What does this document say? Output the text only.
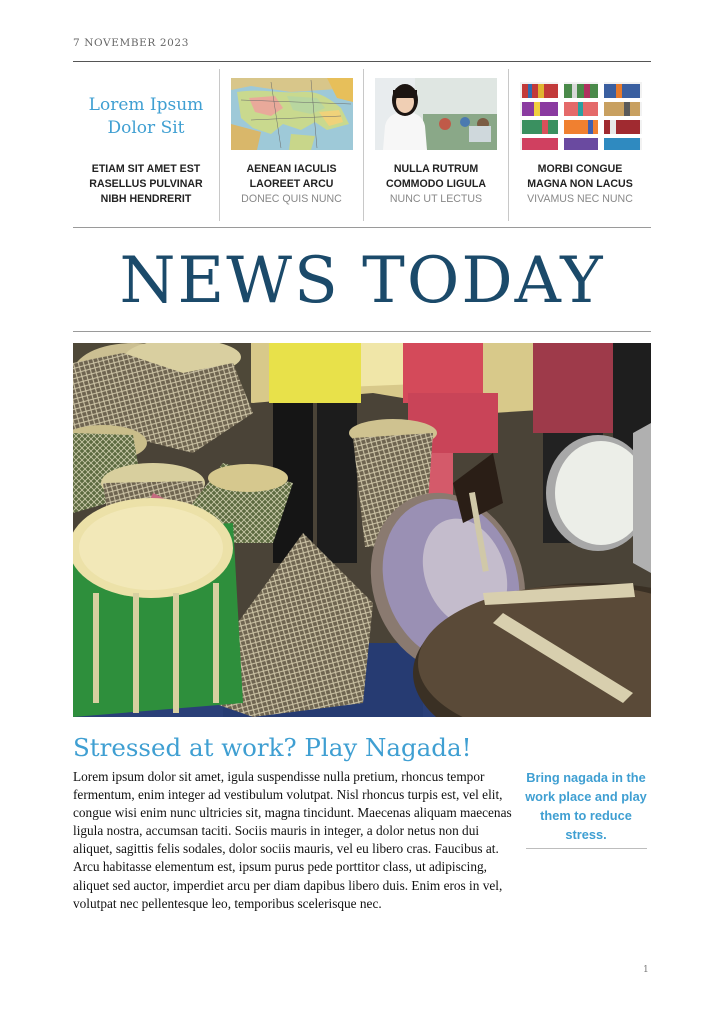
7 NOVEMBER 2023
Lorem Ipsum
Dolor Sit
ETIAM SIT AMET EST
RASELLUS PULVINAR
NIBH HENDRERIT
AENEAN IACULIS
LAOREET ARCU
DONEC QUIS NUNC
NULLA RUTRUM
COMMODO LIGULA
NUNC UT LECTUS
MORBI CONGUE
MAGNA NON LACUS
VIVAMUS NEC NUNC
NEWS TODAY
Stressed at work? Play Nagada!
Lorem ipsum dolor sit amet, igula suspendisse nulla pretium, rhoncus tempor fermentum, enim integer ad vestibulum volutpat. Nisl rhoncus turpis est, vel elit, congue wisi enim nunc ultricies sit, magna tincidunt. Maecenas aliquam maecenas ligula nostra, accumsan taciti. Sociis mauris in integer, a dolor netus non dui aliquet, sagittis felis sodales, dolor sociis mauris, vel eu libero cras. Faucibus at. Arcu habitasse elementum est, ipsum purus pede porttitor class, ut adipiscing, aliquet sed auctor, imperdiet arcu per diam dapibus libero duis. Enim eros in vel, volutpat nec pellentesque leo, temporibus scelerisque nec.
Bring nagada in the work place and play them to reduce stress.
1
